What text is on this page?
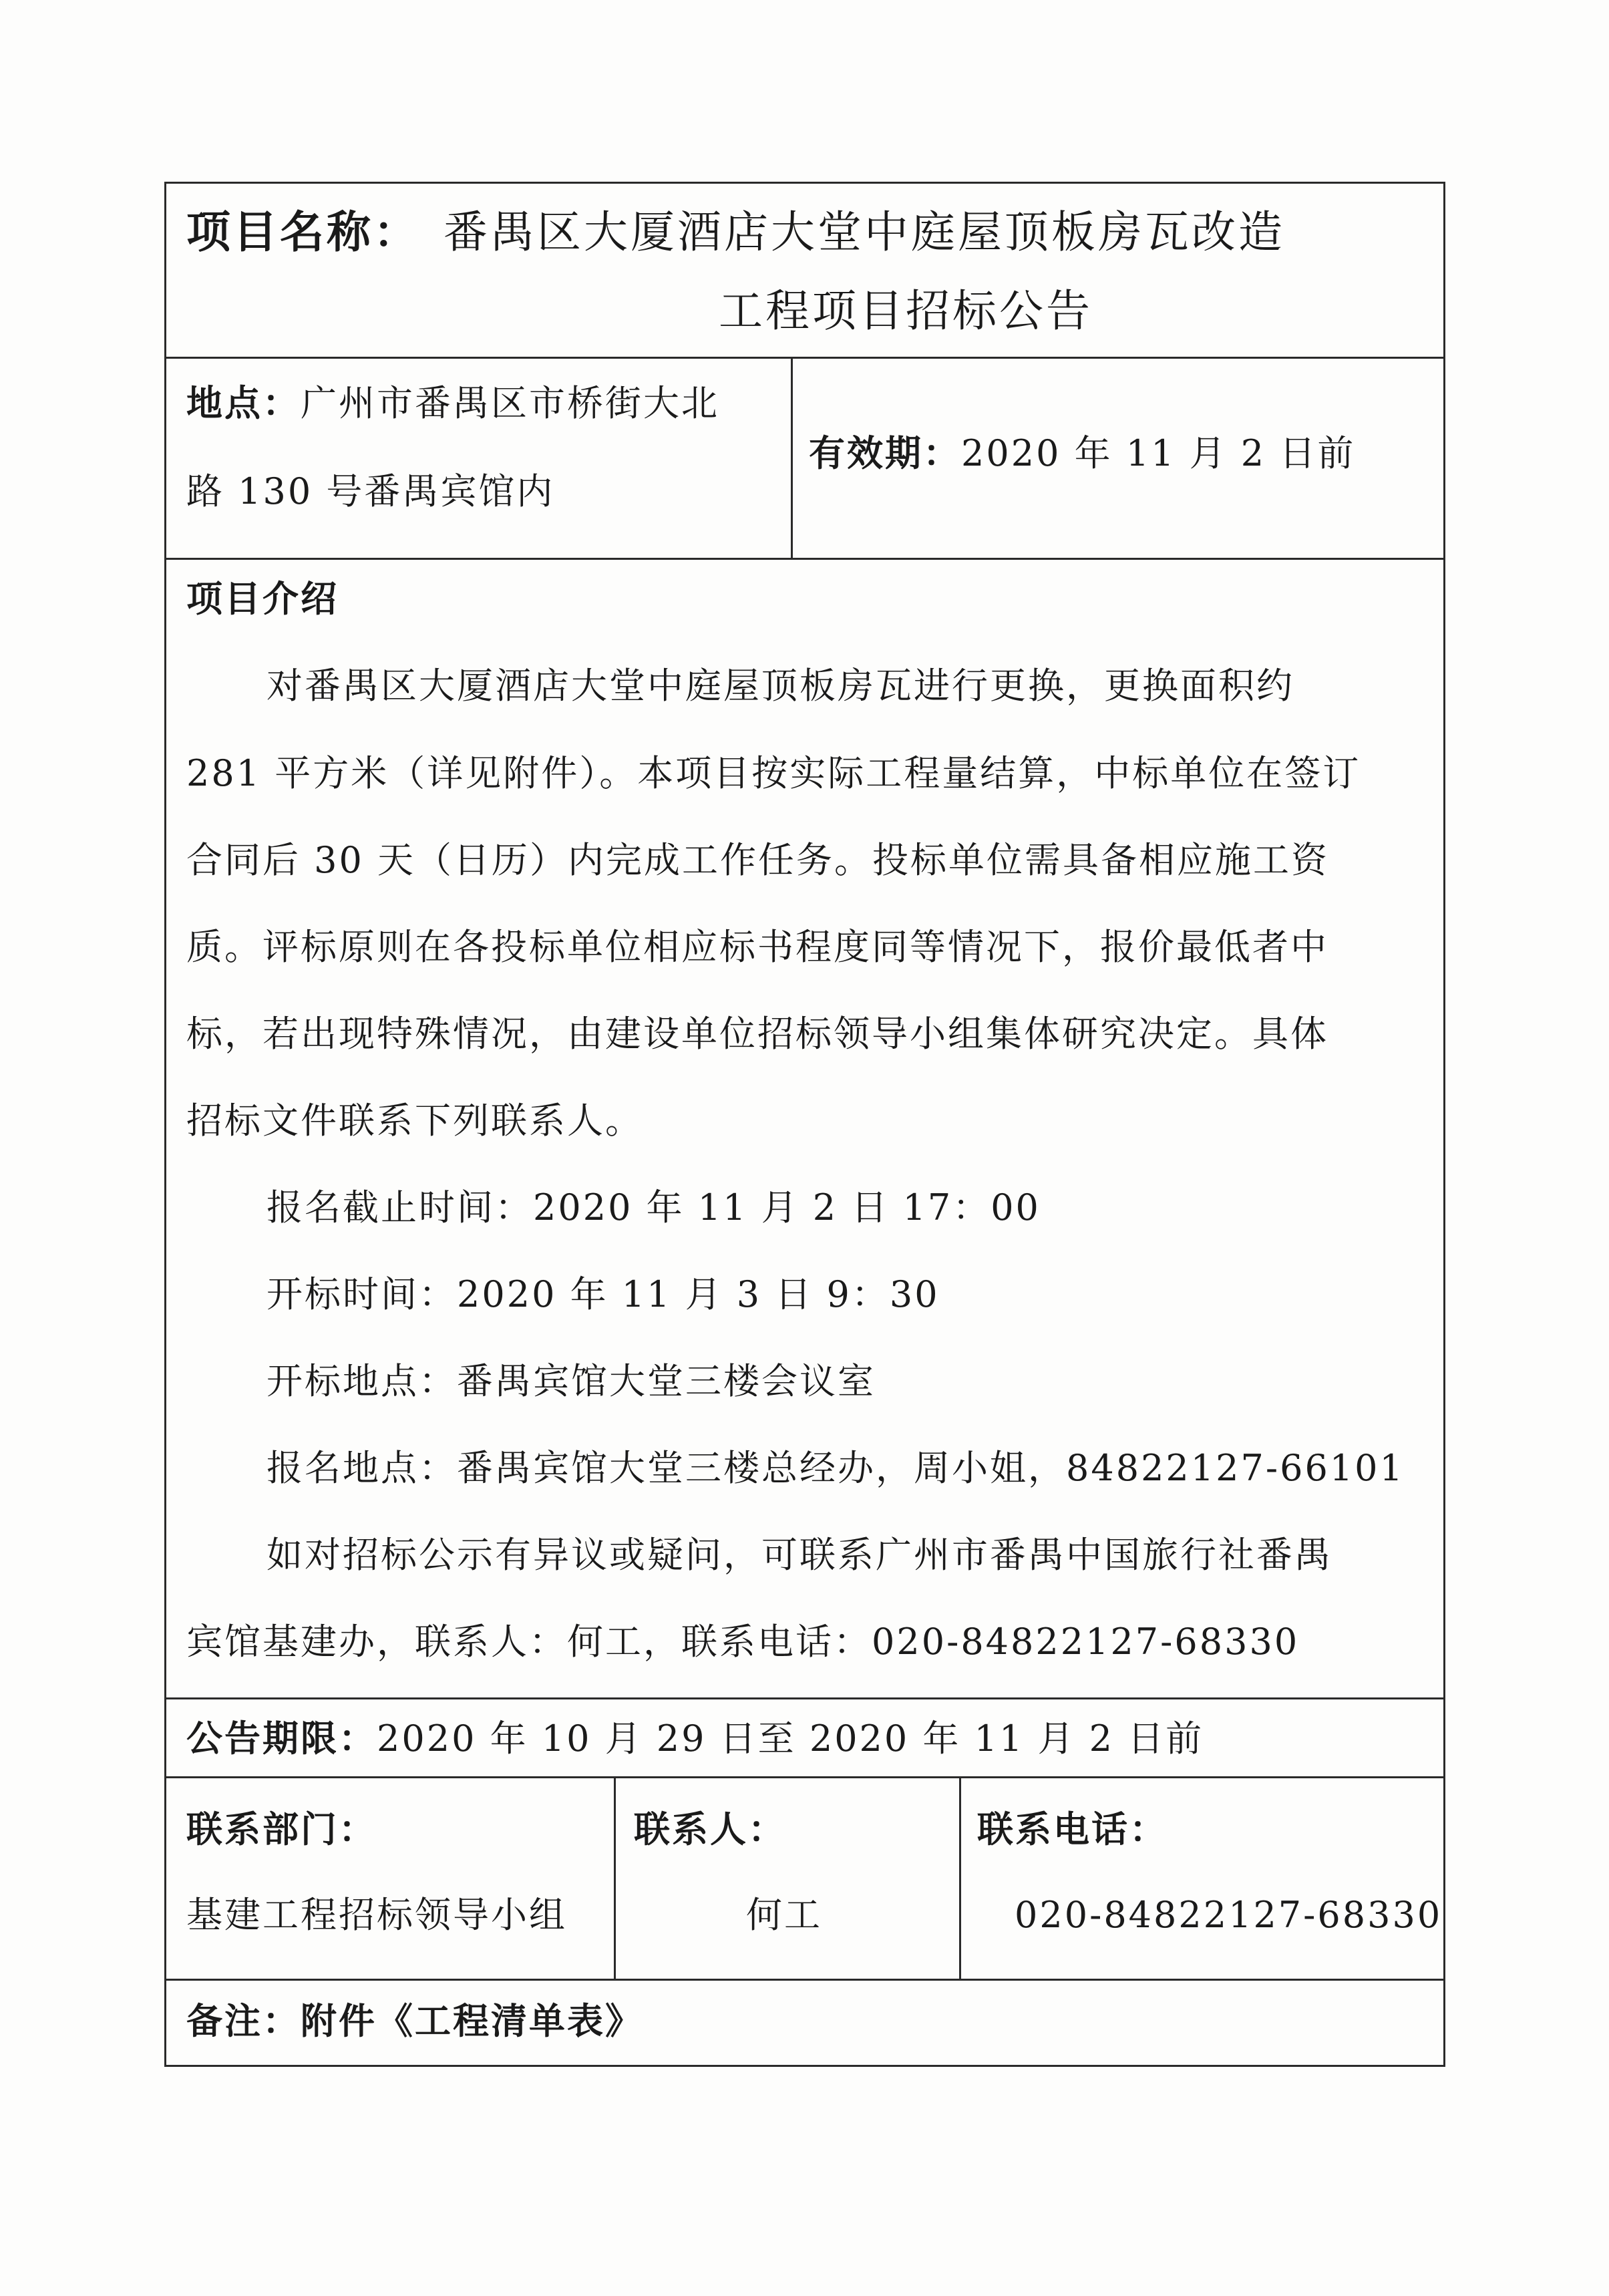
项目名称： 番禺区大厦酒店大堂中庭屋顶板房瓦改造
工程项目招标公告
地点：广州市番禺区市桥街大北
路 130 号番禺宾馆内
有效期：2020 年 11 月 2 日前
项目介绍
对番禺区大厦酒店大堂中庭屋顶板房瓦进行更换，更换面积约
281 平方米（详见附件）。本项目按实际工程量结算，中标单位在签订
合同后 30 天（日历）内完成工作任务。投标单位需具备相应施工资
质。评标原则在各投标单位相应标书程度同等情况下，报价最低者中
标，若出现特殊情况，由建设单位招标领导小组集体研究决定。具体
招标文件联系下列联系人。
报名截止时间：2020 年 11 月 2 日 17：00
开标时间：2020 年 11 月 3 日 9：30
开标地点：番禺宾馆大堂三楼会议室
报名地点：番禺宾馆大堂三楼总经办，周小姐，84822127-66101
如对招标公示有异议或疑问，可联系广州市番禺中国旅行社番禺
宾馆基建办，联系人：何工，联系电话：020-84822127-68330
公告期限：2020 年 10 月 29 日至 2020 年 11 月 2 日前
联系部门：
基建工程招标领导小组
联系人：
何工
联系电话：
020-84822127-68330
备注：附件《工程清单表》
